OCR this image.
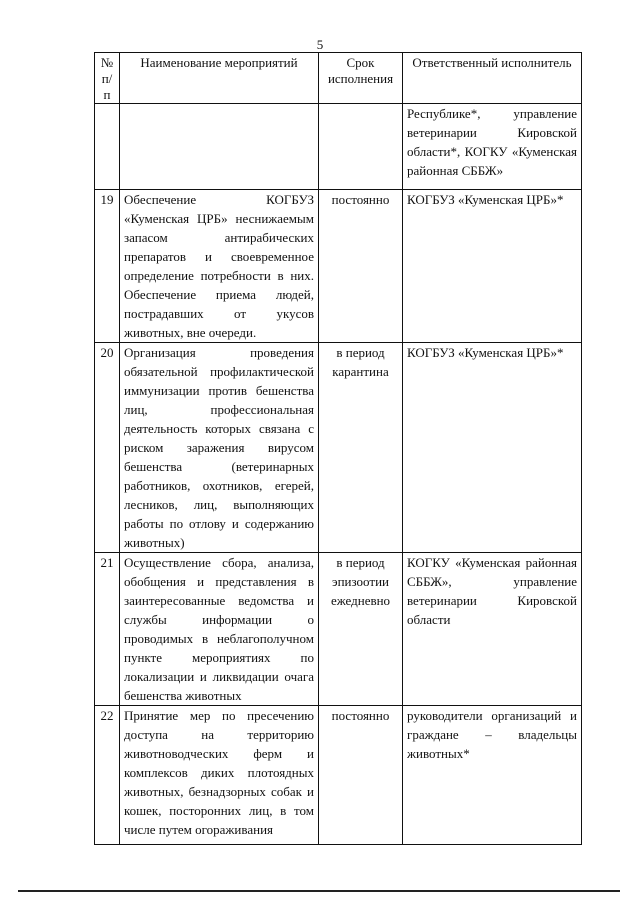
5
№ п/п	Наименование мероприятий	Срок исполнения	Ответственный исполнитель
			Республике*, управление ветеринарии Кировской области*, КОГКУ «Куменская районная СББЖ»
19	Обеспечение КОГБУЗ «Куменская ЦРБ» неснижаемым запасом антирабических препаратов и своевременное определение потребности в них. Обеспечение приема людей, пострадавших от укусов животных, вне очереди.	постоянно	КОГБУЗ «Куменская ЦРБ»*
20	Организация проведения обязательной профилактической иммунизации против бешенства лиц, профессиональная деятельность которых связана с риском заражения вирусом бешенства (ветеринарных работников, охотников, егерей, лесников, лиц, выполняющих работы по отлову и содержанию животных)	в период карантина	КОГБУЗ «Куменская ЦРБ»*
21	Осуществление сбора, анализа, обобщения и представления в заинтересованные ведомства и службы информации о проводимых в неблагополучном пункте мероприятиях по локализации и ликвидации очага бешенства животных	в период эпизоотии ежедневно	КОГКУ «Куменская районная СББЖ», управление ветеринарии Кировской области
22	Принятие мер по пресечению доступа на территорию животноводческих ферм и комплексов диких плотоядных животных, безнадзорных собак и кошек, посторонних лиц, в том числе путем огораживания	постоянно	руководители организаций и граждане – владельцы животных*
